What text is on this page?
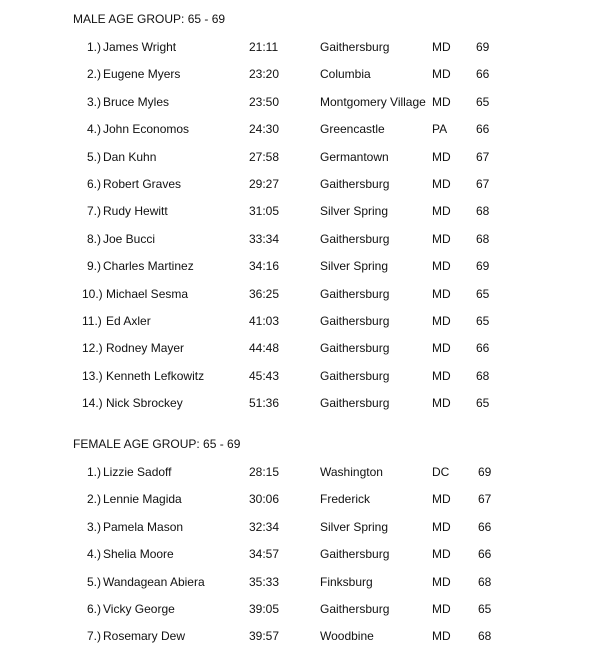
MALE AGE GROUP: 65 - 69
1.) James Wright	21:11	Gaithersburg	MD 69
2.) Eugene Myers	23:20	Columbia	MD 66
3.) Bruce Myles	23:50	Montgomery Village MD 65
4.) John Economos	24:30	Greencastle	PA 66
5.) Dan Kuhn	27:58	Germantown	MD 67
6.) Robert Graves	29:27	Gaithersburg	MD 67
7.) Rudy Hewitt	31:05	Silver Spring	MD 68
8.) Joe Bucci	33:34	Gaithersburg	MD 68
9.) Charles Martinez	34:16	Silver Spring	MD 69
10.) Michael Sesma	36:25	Gaithersburg	MD 65
11.) Ed Axler	41:03	Gaithersburg	MD 65
12.) Rodney Mayer	44:48	Gaithersburg	MD 66
13.) Kenneth Lefkowitz	45:43	Gaithersburg	MD 68
14.) Nick Sbrockey	51:36	Gaithersburg	MD 65
FEMALE AGE GROUP: 65 - 69
1.) Lizzie Sadoff	28:15	Washington	DC 69
2.) Lennie Magida	30:06	Frederick	MD 67
3.) Pamela Mason	32:34	Silver Spring	MD 66
4.) Shelia Moore	34:57	Gaithersburg	MD 66
5.) Wandagean Abiera	35:33	Finksburg	MD 68
6.) Vicky George	39:05	Gaithersburg	MD 65
7.) Rosemary Dew	39:57	Woodbine	MD 68
